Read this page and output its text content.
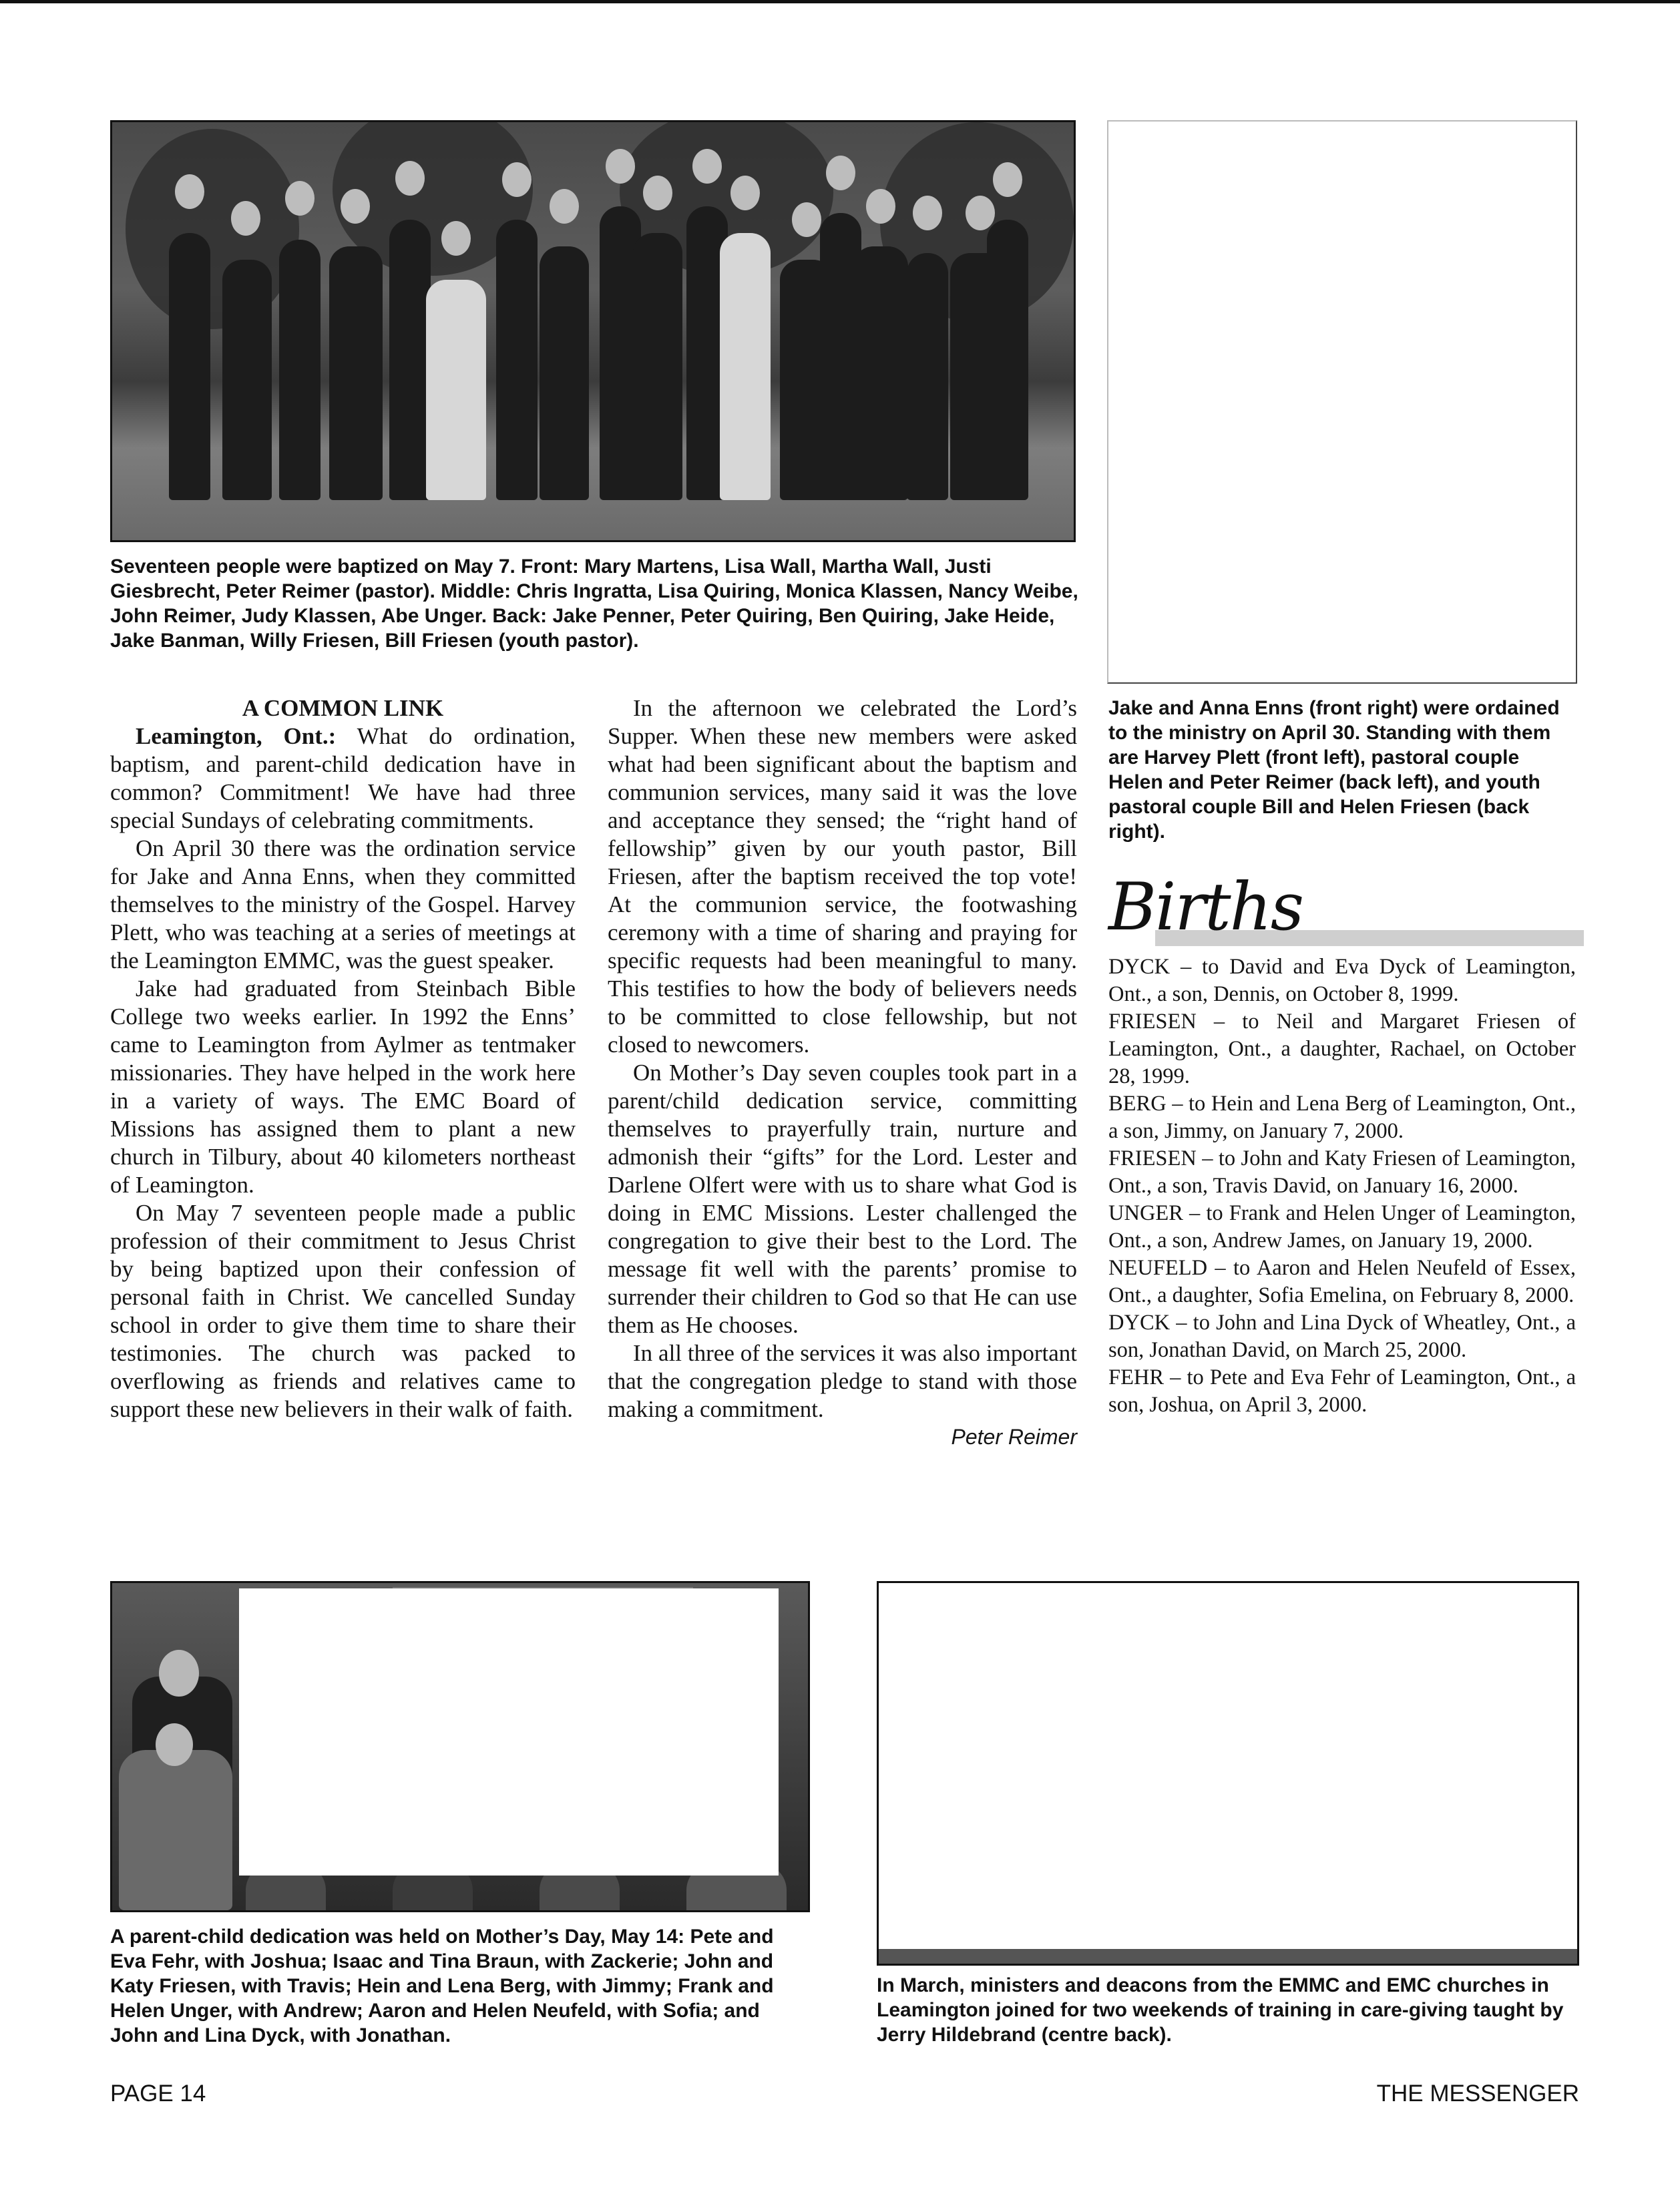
Seventeen people were baptized on May 7. Front: Mary Martens, Lisa Wall, Martha Wall, Justi Giesbrecht, Peter Reimer (pastor). Middle: Chris Ingratta, Lisa Quiring, Monica Klassen, Nancy Weibe, John Reimer, Judy Klassen, Abe Unger. Back: Jake Penner, Peter Quiring, Ben Quiring, Jake Heide, Jake Banman, Willy Friesen, Bill Friesen (youth pastor).
Jake and Anna Enns (front right) were ordained to the ministry on April 30. Standing with them are Harvey Plett (front left), pastoral couple Helen and Peter Reimer (back left), and youth pastoral couple Bill and Helen Friesen (back right).

A COMMON LINK

Leamington, Ont.: What do ordination, baptism, and parent-child dedication have in common? Commitment! We have had three special Sundays of celebrating commitments.

On April 30 there was the ordination service for Jake and Anna Enns, when they committed themselves to the ministry of the Gospel. Harvey Plett, who was teaching at a series of meetings at the Leamington EMMC, was the guest speaker.

Jake had graduated from Steinbach Bible College two weeks earlier. In 1992 the Enns’ came to Leamington from Aylmer as tentmaker missionaries. They have helped in the work here in a variety of ways. The EMC Board of Missions has assigned them to plant a new church in Tilbury, about 40 kilometers northeast of Leamington.

On May 7 seventeen people made a public profession of their commitment to Jesus Christ by being baptized upon their confession of personal faith in Christ. We cancelled Sunday school in order to give them time to share their testimonies. The church was packed to overflowing as friends and relatives came to support these new believers in their walk of faith.

In the afternoon we celebrated the Lord’s Supper. When these new members were asked what had been significant about the baptism and communion services, many said it was the love and acceptance they sensed; the “right hand of fellowship” given by our youth pastor, Bill Friesen, after the baptism received the top vote! At the communion service, the footwashing ceremony with a time of sharing and praying for specific requests had been meaningful to many. This testifies to how the body of believers needs to be committed to close fellowship, but not closed to newcomers.

On Mother’s Day seven couples took part in a parent/child dedication service, committing themselves to prayerfully train, nurture and admonish their “gifts” for the Lord. Lester and Darlene Olfert were with us to share what God is doing in EMC Missions. Lester challenged the congregation to give their best to the Lord. The message fit well with the parents’ promise to surrender their children to God so that He can use them as He chooses.

In all three of the services it was also important that the congregation pledge to stand with those making a commitment.

Peter Reimer

Births

DYCK – to David and Eva Dyck of Leamington, Ont., a son, Dennis, on October 8, 1999.

FRIESEN – to Neil and Margaret Friesen of Leamington, Ont., a daughter, Rachael, on October 28, 1999.

BERG – to Hein and Lena Berg of Leamington, Ont., a son, Jimmy, on January 7, 2000.

FRIESEN – to John and Katy Friesen of Leamington, Ont., a son, Travis David, on January 16, 2000.

UNGER – to Frank and Helen Unger of Leamington, Ont., a son, Andrew James, on January 19, 2000.

NEUFELD – to Aaron and Helen Neufeld of Essex, Ont., a daughter, Sofia Emelina, on February 8, 2000.

DYCK – to John and Lina Dyck of Wheatley, Ont., a son, Jonathan David, on March 25, 2000.

FEHR – to Pete and Eva Fehr of Leamington, Ont., a son, Joshua, on April 3, 2000.

A parent-child dedication was held on Mother’s Day, May 14: Pete and Eva Fehr, with Joshua; Isaac and Tina Braun, with Zackerie; John and Katy Friesen, with Travis; Hein and Lena Berg, with Jimmy; Frank and Helen Unger, with Andrew; Aaron and Helen Neufeld, with Sofia; and John and Lina Dyck, with Jonathan.
In March, ministers and deacons from the EMMC and EMC churches in Leamington joined for two weekends of training in care-giving taught by Jerry Hildebrand (centre back).
PAGE 14	THE MESSENGER
